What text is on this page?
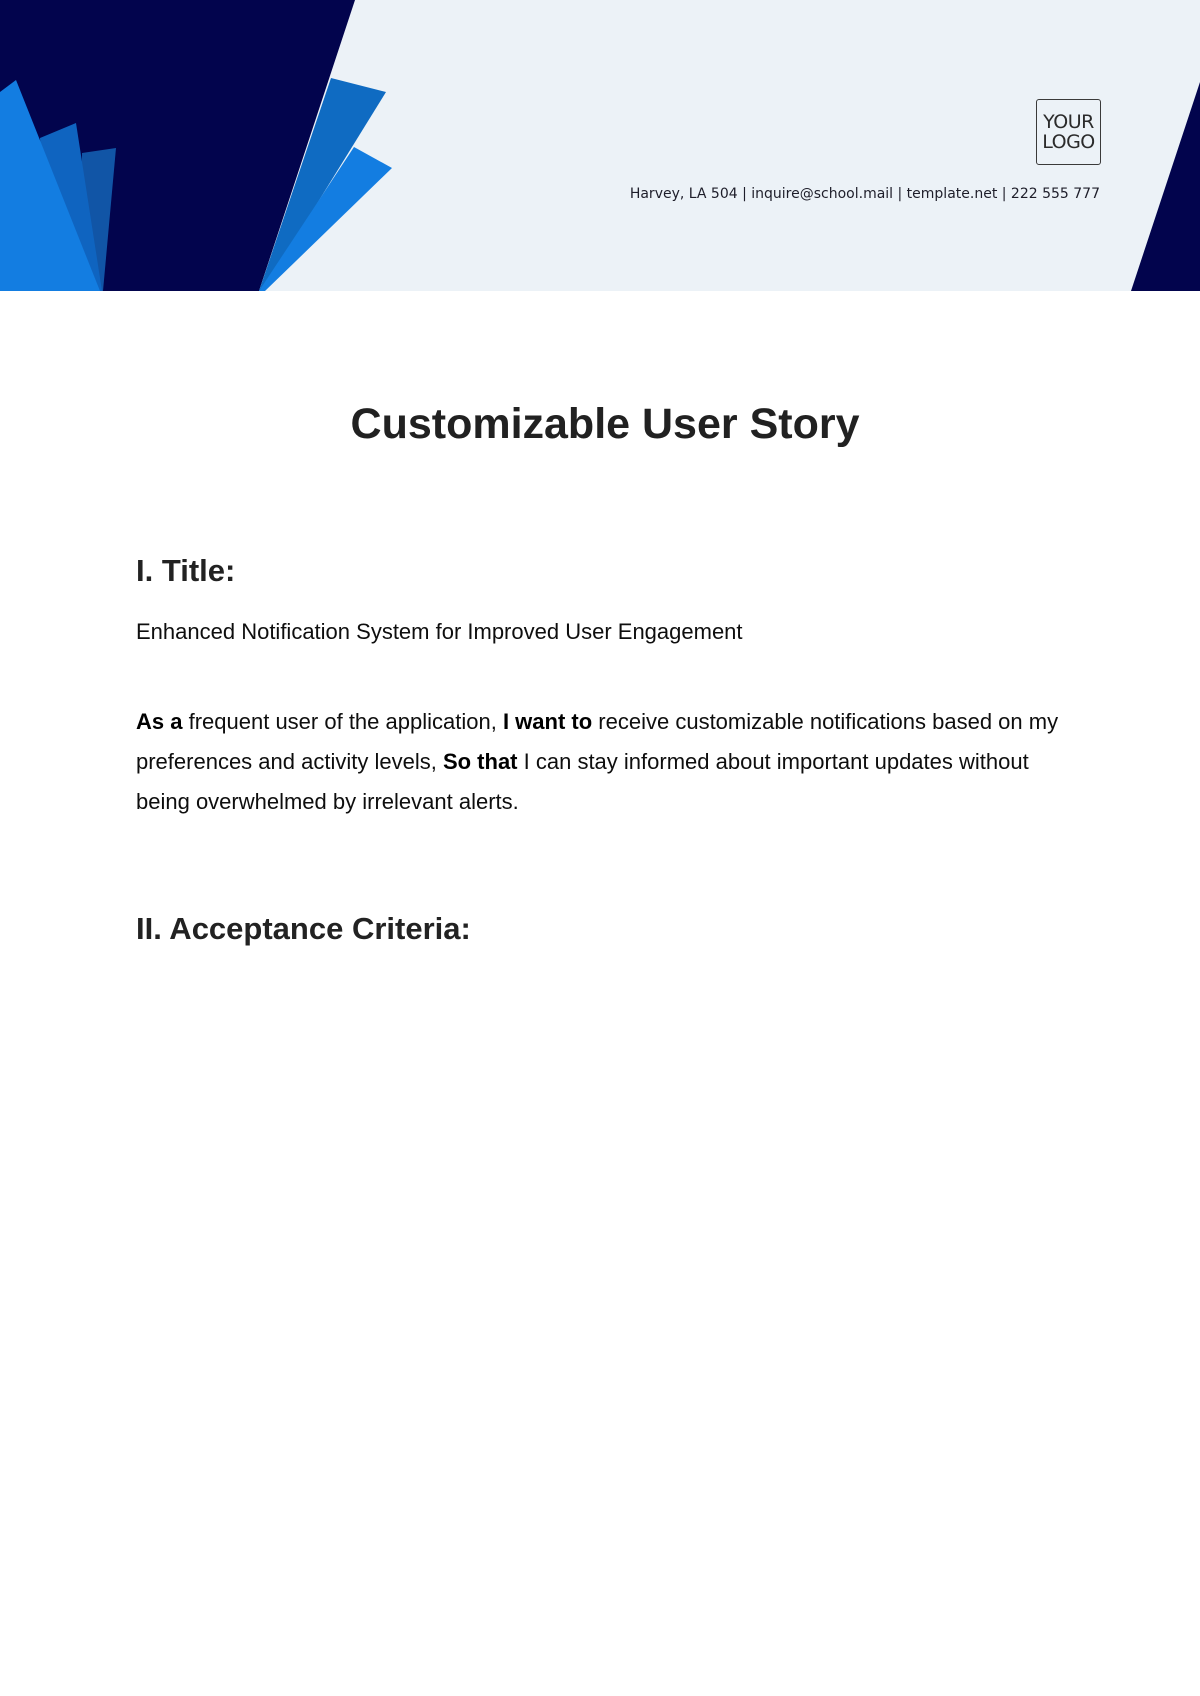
YOUR
LOGO
Harvey, LA 504 | inquire@school.mail | template.net | 222 555 777
Customizable User Story
I. Title:

Enhanced Notification System for Improved User Engagement

As a frequent user of the application, I want to receive customizable notifications based on my preferences and activity levels, So that I can stay informed about important updates without being overwhelmed by irrelevant alerts.

II. Acceptance Criteria:
